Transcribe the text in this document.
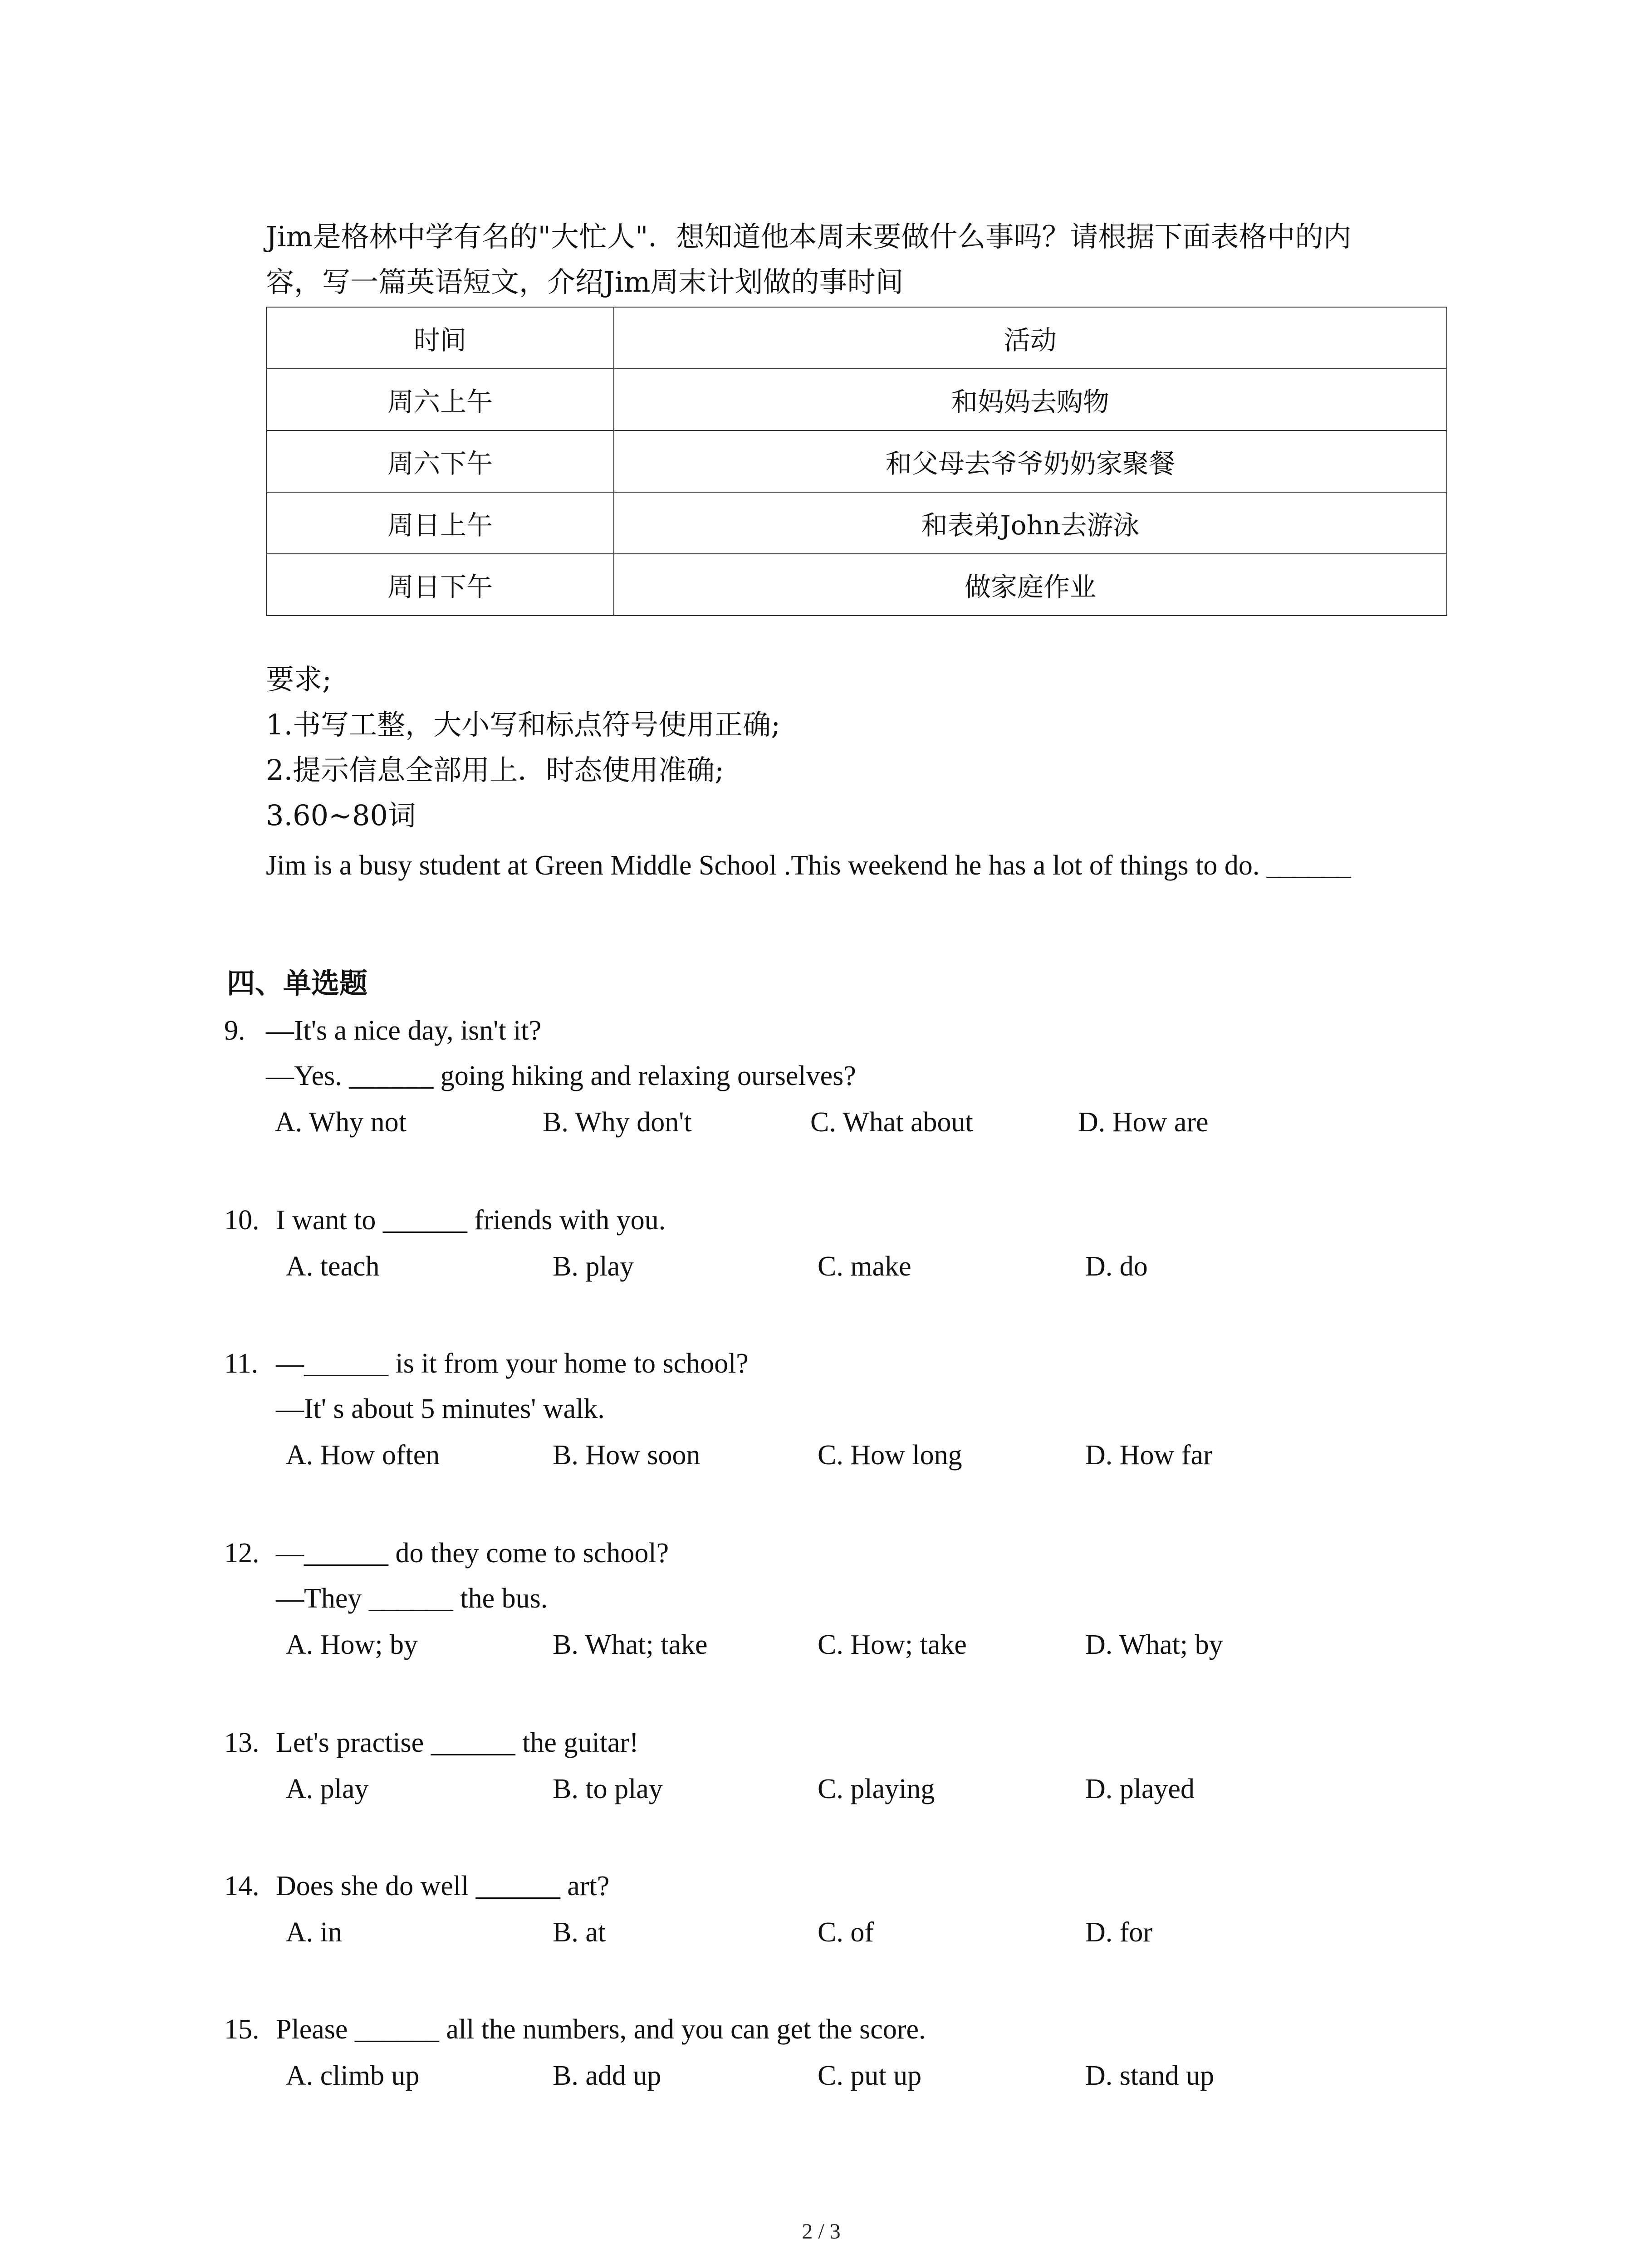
Jim是格林中学有名的"大忙人"．想知道他本周末要做什么事吗？请根据下面表格中的内
容，写一篇英语短文，介绍Jim周末计划做的事时间
时间	活动
周六上午	和妈妈去购物
周六下午	和父母去爷爷奶奶家聚餐
周日上午	和表弟John去游泳
周日下午	做家庭作业
要求;
1.书写工整，大小写和标点符号使用正确;
2.提示信息全部用上．时态使用准确;
3.60~80词
Jim is a busy student at Green Middle School .This weekend he has a lot of things to do. ______
四、单选题
9. —It's a nice day, isn't it?
—Yes. ______ going hiking and relaxing ourselves?
A. Why not	B. Why don't	C. What about	D. How are
10. I want to ______ friends with you.
A. teach	B. play	C. make	D. do
11. —______ is it from your home to school?
—It' s about 5 minutes' walk.
A. How often	B. How soon	C. How long	D. How far
12. —______ do they come to school?
—They ______ the bus.
A. How; by	B. What; take	C. How; take	D. What; by
13. Let's practise ______ the guitar!
A. play	B. to play	C. playing	D. played
14. Does she do well ______ art?
A. in	B. at	C. of	D. for
15. Please ______ all the numbers, and you can get the score.
A. climb up	B. add up	C. put up	D. stand up
2 / 3
